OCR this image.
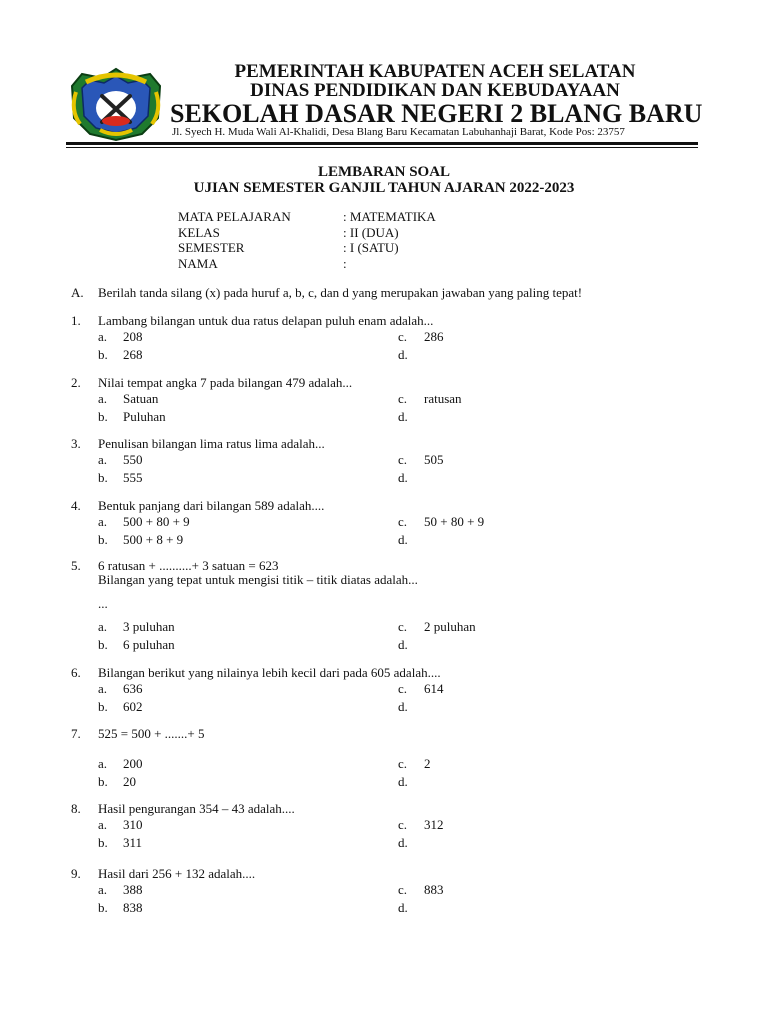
PEMERINTAH KABUPATEN ACEH SELATAN
DINAS PENDIDIKAN DAN KEBUDAYAAN
SEKOLAH DASAR NEGERI 2 BLANG BARU
Jl. Syech H. Muda Wali Al-Khalidi, Desa Blang Baru Kecamatan Labuhanhaji Barat, Kode Pos: 23757
LEMBARAN SOAL
UJIAN SEMESTER GANJIL TAHUN AJARAN 2022-2023
MATA PELAJARAN	: MATEMATIKA
KELAS	: II (DUA)
SEMESTER	: I (SATU)
NAMA	:
A. Berilah tanda silang (x) pada huruf a, b, c, dan d yang merupakan jawaban yang paling tepat!
1. Lambang bilangan untuk dua ratus delapan puluh enam adalah...
a. 208
b. 268
c. 286
d.
2. Nilai tempat angka 7 pada bilangan 479 adalah...
a. Satuan
b. Puluhan
c. ratusan
d.
3. Penulisan bilangan lima ratus lima adalah...
a. 550
b. 555
c. 505
d.
4. Bentuk panjang dari bilangan 589 adalah....
a. 500 + 80 + 9
b. 500 + 8 + 9
c. 50 + 80 + 9
d.
5. 6 ratusan + ..........+ 3 satuan = 623
Bilangan yang tepat untuk mengisi titik – titik diatas adalah...
...
a. 3 puluhan
b. 6 puluhan
c. 2 puluhan
d.
6. Bilangan berikut yang nilainya lebih kecil dari pada 605 adalah....
a. 636
b. 602
c. 614
d.
7. 525 = 500 + .......+ 5
a. 200
b. 20
c. 2
d.
8. Hasil pengurangan 354 – 43 adalah....
a. 310
b. 311
c. 312
d.
9. Hasil dari 256 + 132 adalah....
a. 388
b. 838
c. 883
d.
